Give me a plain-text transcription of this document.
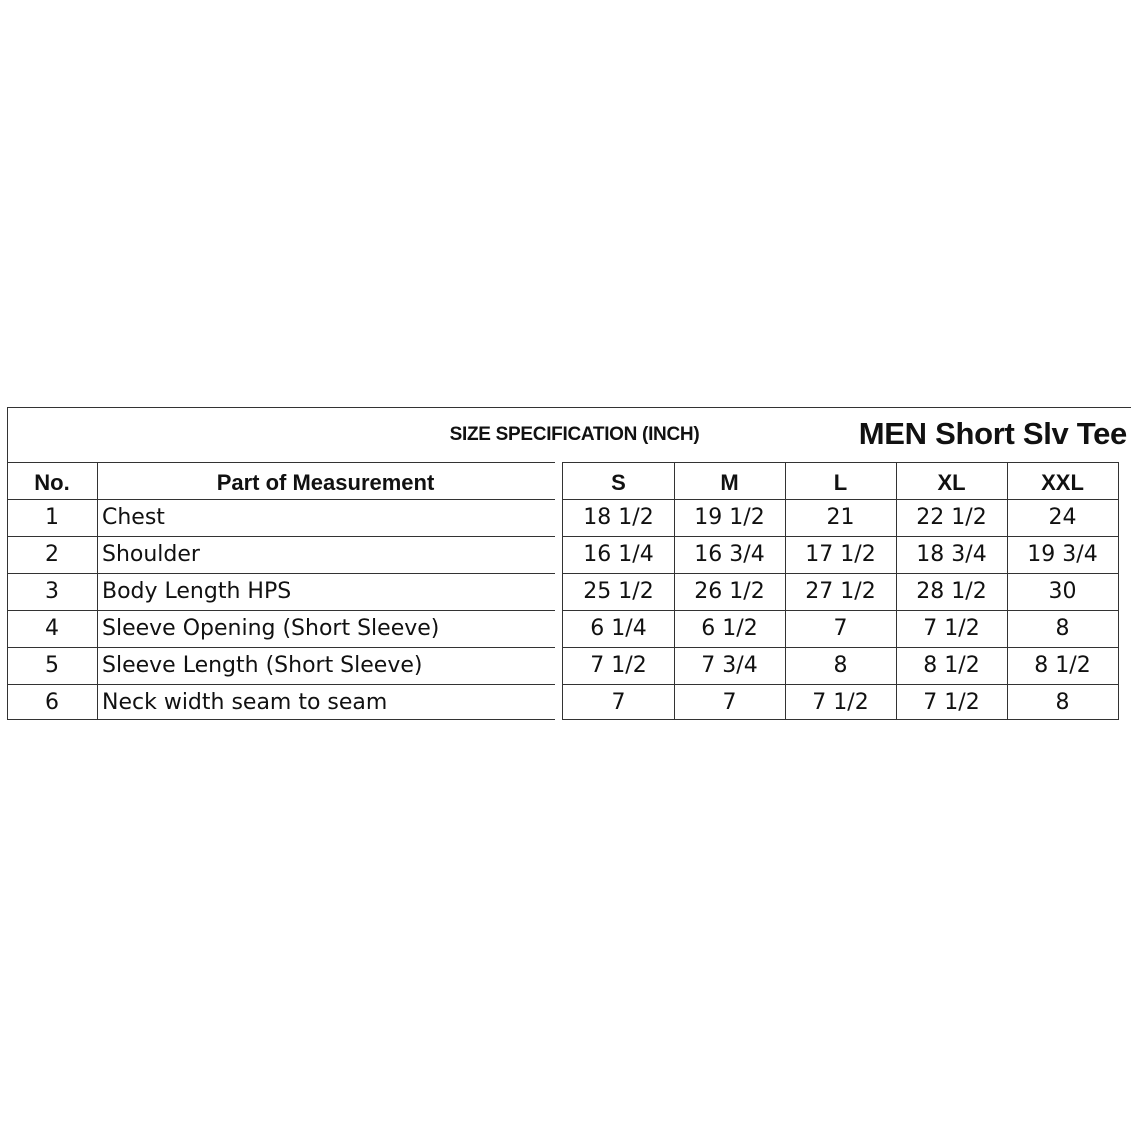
SIZE SPECIFICATION (INCH)	MEN Short Slv Tee
No.	Part of Measurement	S	M	L	XL	XXL
1	Chest	18 1/2	19 1/2	21	22 1/2	24
2	Shoulder	16 1/4	16 3/4	17 1/2	18 3/4	19 3/4
3	Body Length HPS	25 1/2	26 1/2	27 1/2	28 1/2	30
4	Sleeve Opening (Short Sleeve)	6 1/4	6 1/2	7	7 1/2	8
5	Sleeve Length (Short Sleeve)	7 1/2	7 3/4	8	8 1/2	8 1/2
6	Neck width seam to seam	7	7	7 1/2	7 1/2	8
